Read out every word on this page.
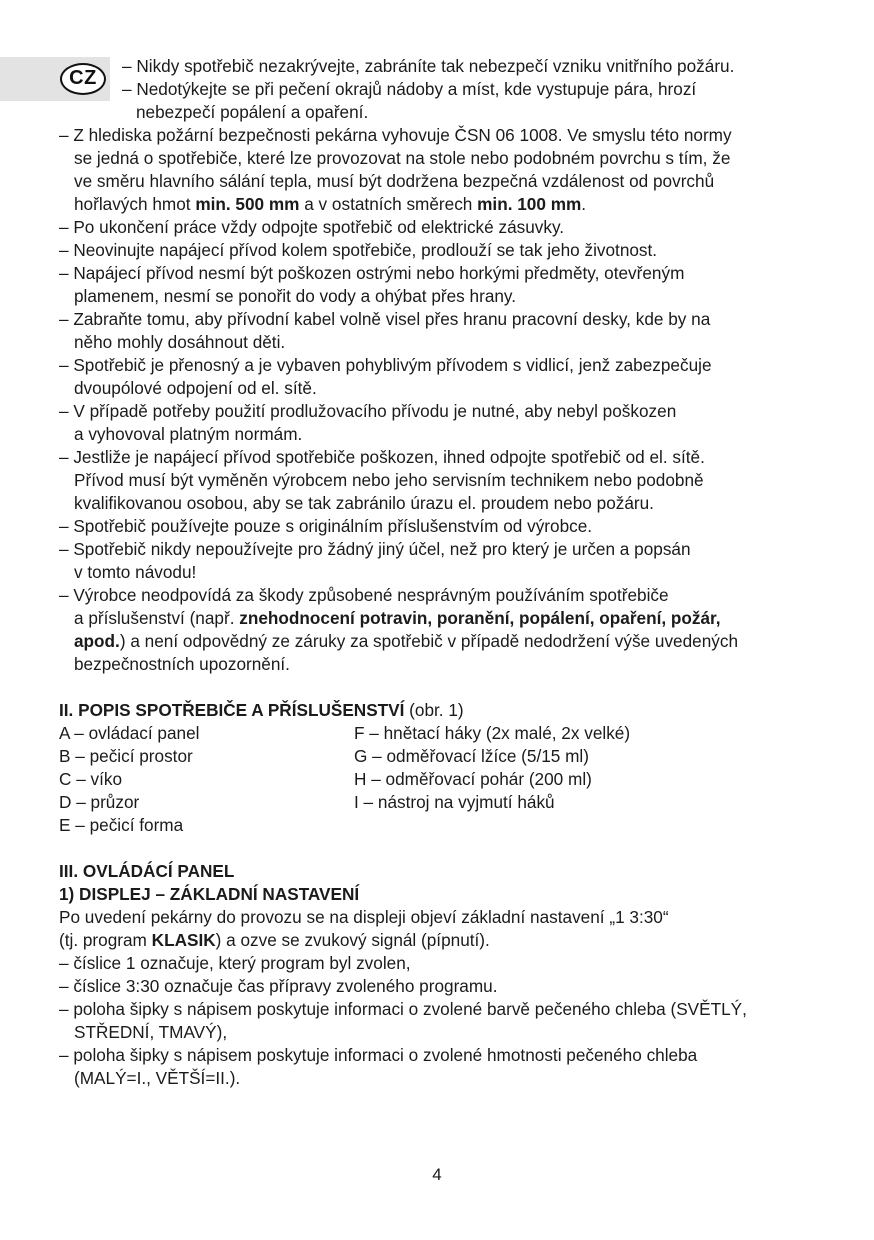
CZ
– Nikdy spotřebič nezakrývejte, zabráníte tak nebezpečí vzniku vnitřního požáru.
– Nedotýkejte se při pečení okrajů nádoby a míst, kde vystupuje pára, hrozí
nebezpečí popálení a opaření.
– Z hlediska požární bezpečnosti pekárna vyhovuje ČSN 06 1008. Ve smyslu této normy
se jedná o spotřebiče, které lze provozovat na stole nebo podobném povrchu s tím, že
ve směru hlavního sálání tepla, musí být dodržena bezpečná vzdálenost od povrchů
hořlavých hmot min. 500 mm a v ostatních směrech min. 100 mm.
– Po ukončení práce vždy odpojte spotřebič od elektrické zásuvky.
– Neovinujte napájecí přívod kolem spotřebiče, prodlouží se tak jeho životnost.
– Napájecí přívod nesmí být poškozen ostrými nebo horkými předměty, otevřeným
plamenem, nesmí se ponořit do vody a ohýbat přes hrany.
– Zabraňte tomu, aby přívodní kabel volně visel přes hranu pracovní desky, kde by na
něho mohly dosáhnout děti.
– Spotřebič je přenosný a je vybaven pohyblivým přívodem s vidlicí, jenž zabezpečuje
dvoupólové odpojení od el. sítě.
– V případě potřeby použití prodlužovacího přívodu je nutné, aby nebyl poškozen
a vyhovoval platným normám.
– Jestliže je napájecí přívod spotřebiče poškozen, ihned odpojte spotřebič od el. sítě.
Přívod musí být vyměněn výrobcem nebo jeho servisním technikem nebo podobně
kvalifikovanou osobou, aby se tak zabránilo úrazu el. proudem nebo požáru.
– Spotřebič používejte pouze s originálním příslušenstvím od výrobce.
– Spotřebič nikdy nepoužívejte pro žádný jiný účel, než pro který je určen a popsán
v tomto návodu!
– Výrobce neodpovídá za škody způsobené nesprávným používáním spotřebiče
a příslušenství (např. znehodnocení potravin, poranění, popálení, opaření, požár,
apod.) a není odpovědný ze záruky za spotřebič v případě nedodržení výše uvedených
bezpečnostních upozornění.
II. POPIS SPOTŘEBIČE A PŘÍSLUŠENSTVÍ (obr. 1)
A – ovládací panel
B – pečicí prostor
C – víko
D – průzor
E – pečicí forma
F – hnětací háky (2x malé, 2x velké)
G – odměřovací lžíce (5/15 ml)
H – odměřovací pohár (200 ml)
I – nástroj na vyjmutí háků
III. OVLÁDÁCÍ PANEL
1) DISPLEJ – ZÁKLADNÍ NASTAVENÍ
Po uvedení pekárny do provozu se na displeji objeví základní nastavení „1 3:30“
(tj. program KLASIK) a ozve se zvukový signál (pípnutí).
– číslice 1 označuje, který program byl zvolen,
– číslice 3:30 označuje čas přípravy zvoleného programu.
– poloha šipky s nápisem poskytuje informaci o zvolené barvě pečeného chleba (SVĚTLÝ,
STŘEDNÍ, TMAVÝ),
– poloha šipky s nápisem poskytuje informaci o zvolené hmotnosti pečeného chleba
(MALÝ=I., VĚTŠÍ=II.).
4
